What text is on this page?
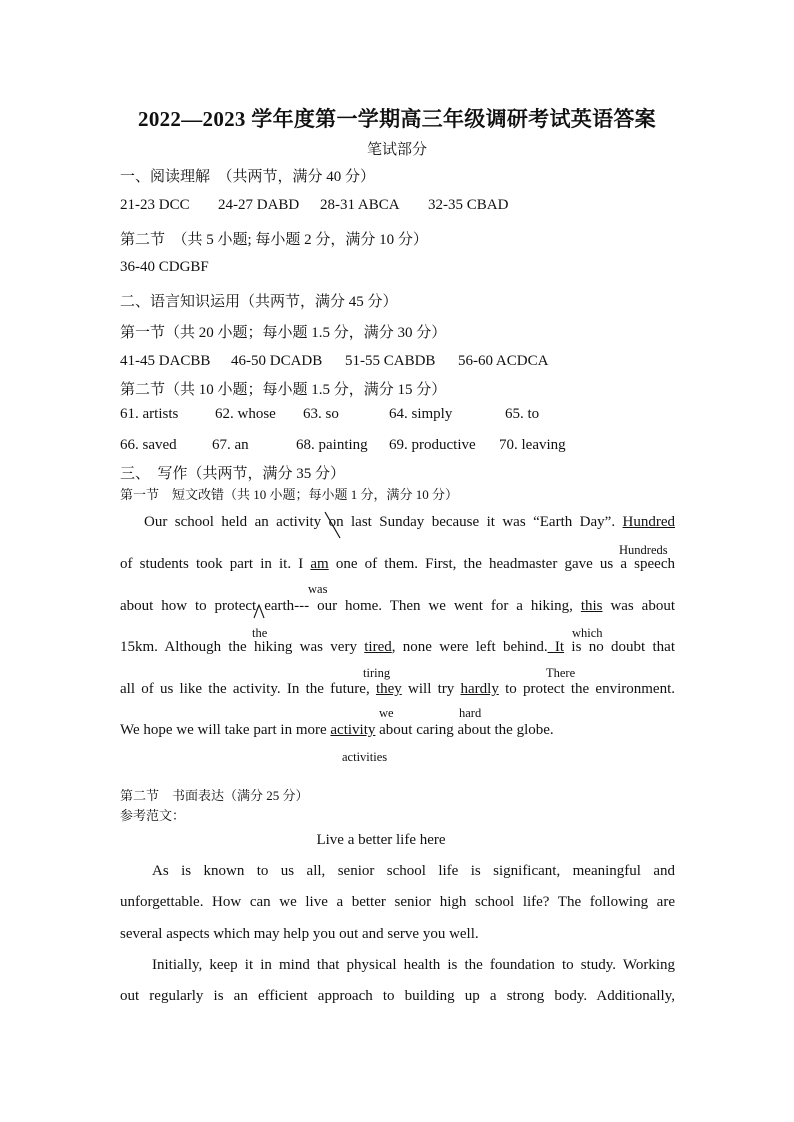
2022—2023 学年度第一学期高三年级调研考试英语答案
笔试部分
一、阅读理解　（共两节，满分 40 分）
21-23 DCC 24-27 DABD 28-31 ABCA 32-35 CBAD
第二节　（共 5 小题; 每小题 2 分，满分 10 分）
36-40 CDGBF
二、语言知识运用（共两节，满分 45 分）
第一节（共 20 小题；每小题 1.5 分，满分 30 分）
41-45 DACBB 46-50 DCADB 51-55 CABDB 56-60 ACDCA
第二节（共 10 小题；每小题 1.5 分，满分 15 分）
61. artists 62. whose 63. so	64. simply	65. to
66. saved 67. an	68. painting 69. productive 70. leaving
三、　写作（共两节，满分 35 分）
第一节　短文改错（共 10 小题；每小题 1 分，满分 10 分）
Our school held an activity on last Sunday because it was “Earth Day”. Hundred
Hundreds
of students took part in it. I am one of them. First, the headmaster gave us a speech
was
about how to protect earth--- our home. Then we went for a hiking, this was about
the	which
15km. Although the hiking was very tired, none were left behind. It is no doubt that
tiring	There
all of us like the activity. In the future, they will try hardly to protect the environment.
we	hard
We hope we will take part in more activity about caring about the globe.
activities
第二节　书面表达（满分 25 分）
参考范文：
Live a better life here
As is known to us all, senior school life is significant, meaningful and
unforgettable. How can we live a better senior high school life? The following are
several aspects which may help you out and serve you well.
Initially, keep it in mind that physical health is the foundation to study. Working
out regularly is an efficient approach to building up a strong body. Additionally,
